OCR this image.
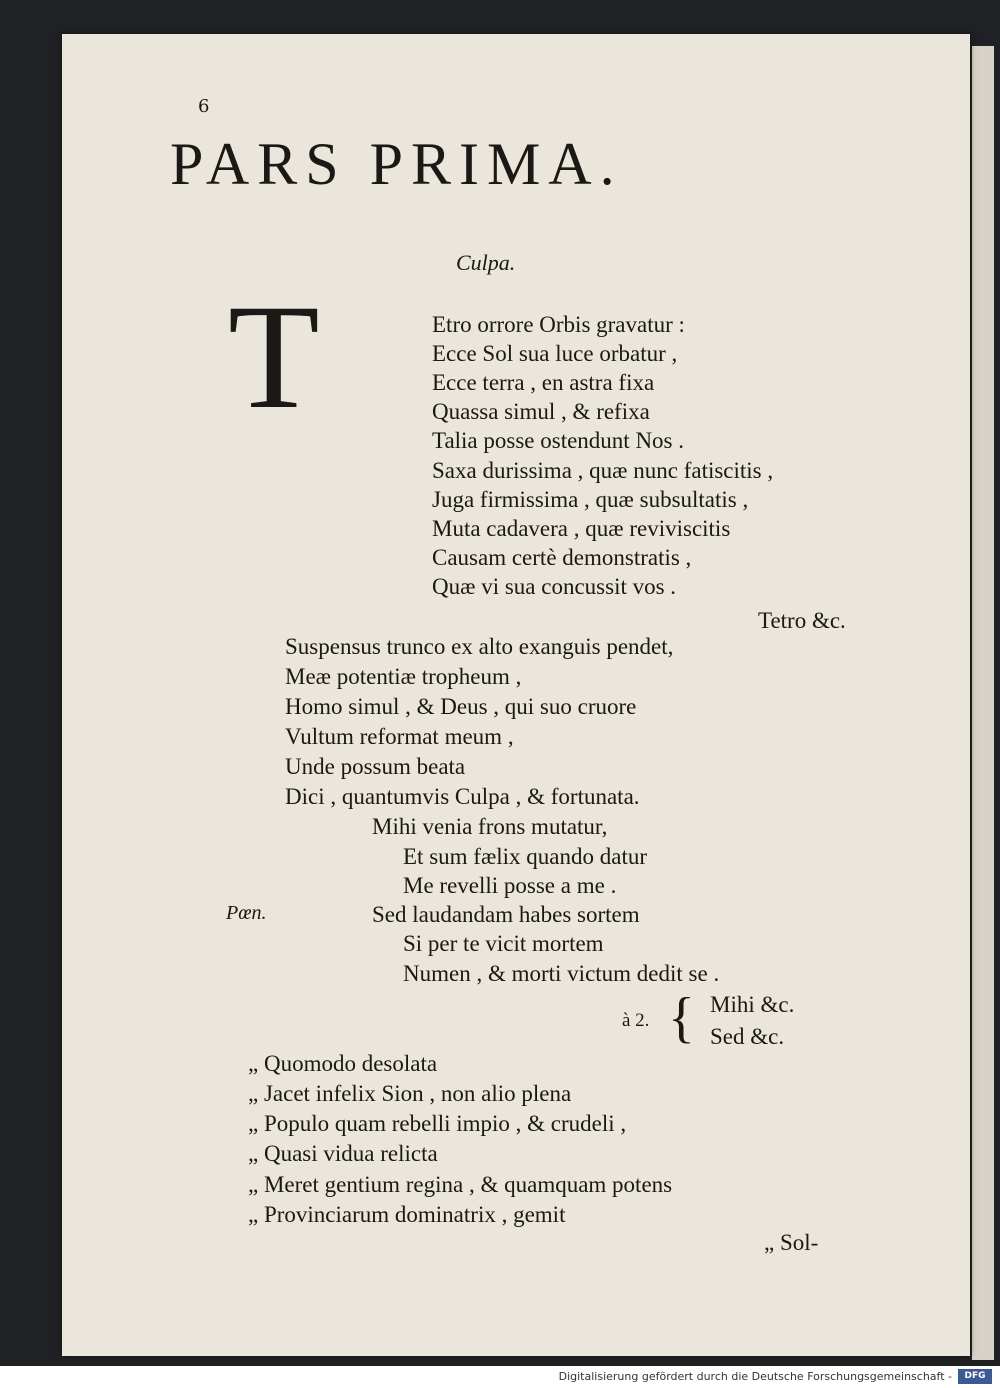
6
PARS PRIMA.
Culpa.
T	Etro orrore Orbis gravatur :
Ecce Sol sua luce orbatur ,
Ecce terra , en astra fixa
Quassa simul , & refixa
Talia posse ostendunt Nos .
Saxa durissima , quæ nunc fatiscitis ,
Juga firmissima , quæ subsultatis ,
Muta cadavera , quæ reviviscitis
Causam certè demonstratis ,
Quæ vi sua concussit vos .
Tetro &c.
Suspensus trunco ex alto exanguis pendet,
Meæ potentiæ tropheum ,
Homo simul , & Deus , qui suo cruore
Vultum reformat meum ,
Unde possum beata
Dici , quantumvis Culpa , & fortunata.
Mihi venia frons mutatur,
Et sum fælix quando datur
Me revelli posse a me .
Pœn.	Sed laudandam habes sortem
Si per te vicit mortem
Numen , & morti victum dedit se .
à 2. { Mihi &c.
Sed &c.
„ Quomodo desolata
„ Jacet infelix Sion , non alio plena
„ Populo quam rebelli impio , & crudeli ,
„ Quasi vidua relicta
„ Meret gentium regina , & quamquam potens
„ Provinciarum dominatrix , gemit
„ Sol-
Digitalisierung gefördert durch die Deutsche Forschungsgemeinschaft -	DFG
